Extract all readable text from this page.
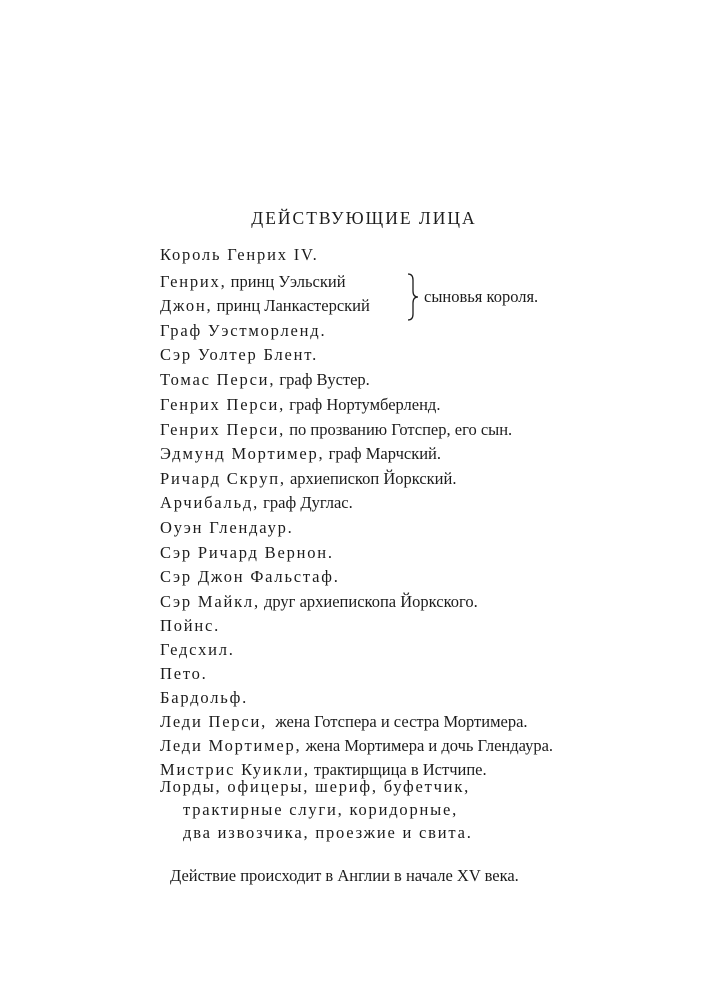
ДЕЙСТВУЮЩИЕ ЛИЦА
Король Генрих IV.
Генрих, принц Уэльский
Джон, принц Ланкастерский
Граф Уэстморленд.
Сэр Уолтер Блент.
Томас Перси, граф Вустер.
Генрих Перси, граф Нортумберленд.
Генрих Перси, по прозванию Готспер, его сын.
Эдмунд Мортимер, граф Марчский.
Ричард Скруп, архиепископ Йоркский.
Арчибальд, граф Дуглас.
Оуэн Глендаур.
Сэр Ричард Вернон.
Сэр Джон Фальстаф.
Сэр Майкл, друг архиепископа Йоркского.
Пойнс.
Гедсхил.
Пето.
Бардольф.
Леди Перси,  жена Готспера и сестра Мортимера.
Леди Мортимер, жена Мортимера и дочь Глендаура.
Мистрис Куикли, трактирщица в Истчипе.
сыновья короля.
Лорды, офицеры, шериф, буфетчик,
трактирные слуги, коридорные,
два извозчика, проезжие и свита.
Действие происходит в Англии в начале XV века.
